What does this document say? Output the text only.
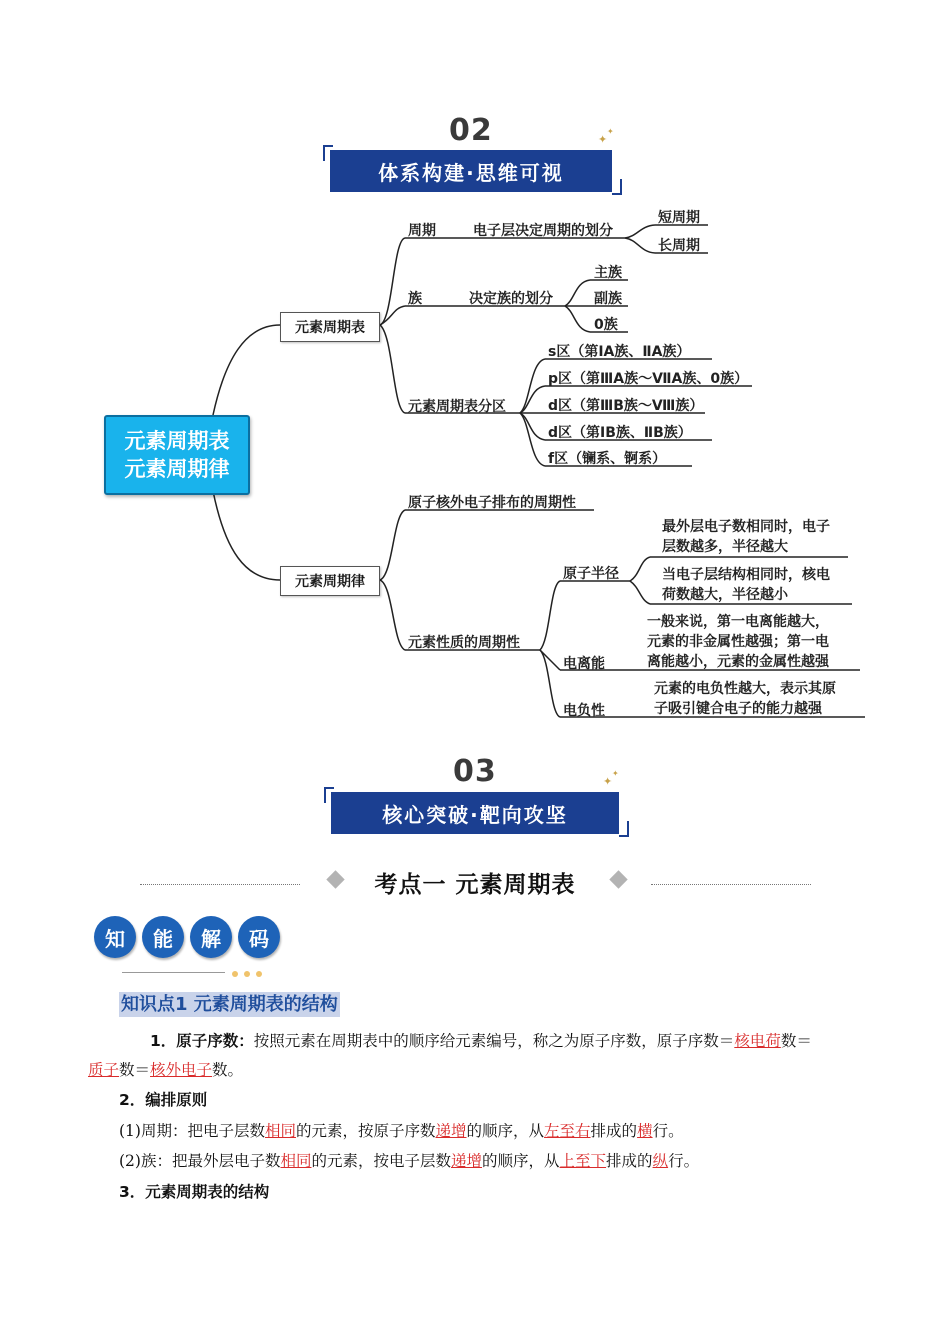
02
体系构建·思维可视
✦
✦
元素周期表
元素周期律
元素周期表
元素周期律
周期	电子层决定周期的划分
短周期
长周期
族	决定族的划分
主族
副族
0族
元素周期表分区
s区（第ⅠA族、ⅡA族）
p区（第ⅢA族～ⅦA族、0族）
d区（第ⅢB族～Ⅷ族）
d区（第ⅠB族、ⅡB族）
f区（镧系、锕系）
原子核外电子排布的周期性
元素性质的周期性
原子半径
最外层电子数相同时，电子
层数越多，半径越大
当电子层结构相同时，核电
荷数越大，半径越小
电离能
一般来说，第一电离能越大，
元素的非金属性越强；第一电
离能越小，元素的金属性越强
电负性
元素的电负性越大，表示其原
子吸引键合电子的能力越强
03
核心突破·靶向攻坚
✦
✦
考点一 元素周期表
知	能	解	码
知识点1 元素周期表的结构
1．原子序数：按照元素在周期表中的顺序给元素编号，称之为原子序数，原子序数＝核电荷数＝
质子数＝核外电子数。
2．编排原则
(1)周期：把电子层数相同的元素，按原子序数递增的顺序，从左至右排成的横行。
(2)族：把最外层电子数相同的元素，按电子层数递增的顺序，从上至下排成的纵行。
3．元素周期表的结构
